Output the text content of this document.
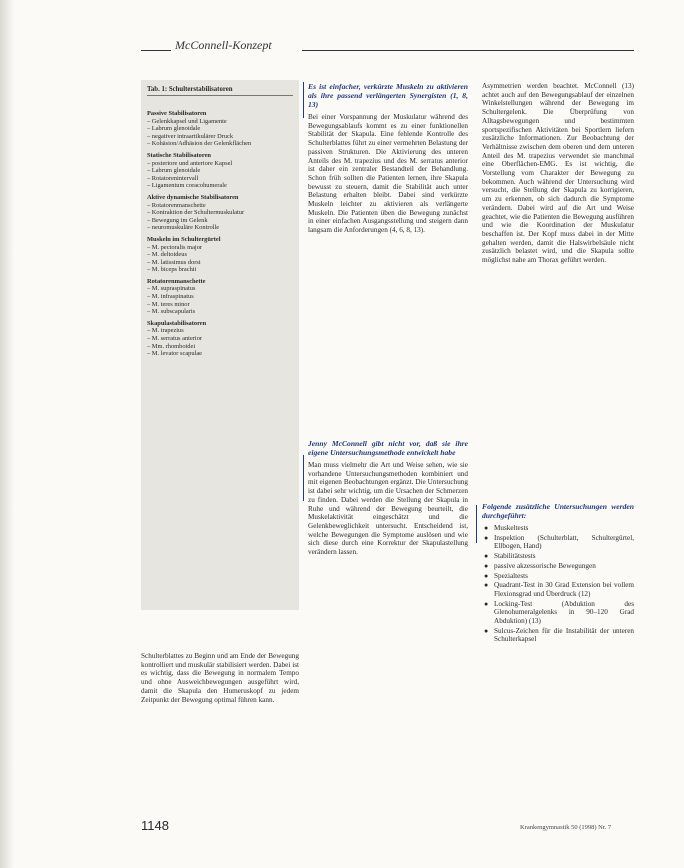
McConnell-Konzept
Tab. 1: Schulterstabilisatoren
Passive Stabilisatoren
– Gelenkkapsel und Ligamente
– Labrum glenoidale
– negativer intraartikulärer Druck
– Kohäsion/Adhäsion der Gelenkflächen
Statische Stabilisatoren
– posteriore und anteriore Kapsel
– Labrum glenoidale
– Rotatorenintervall
– Ligamentum coracohumerale
Aktive dynamische Stabilisatoren
– Rotatorenmanschette
– Kontraktion der Schultermuskulatur
– Bewegung im Gelenk
– neuromuskuläre Kontrolle
Muskeln im Schultergürtel
– M. pectoralis major
– M. deltoideus
– M. latissimus dorsi
– M. biceps brachii
Rotatorenmanschette
– M. supraspinatus
– M. infraspinatus
– M. teres minor
– M. subscapularis
Skapulastabilisatoren
– M. trapezius
– M. serratus anterior
– Mm. rhomboidei
– M. levator scapulae
Schulterblattes zu Beginn und am Ende der Bewegung kontrolliert und muskulär stabilisiert werden. Dabei ist es wichtig, dass die Bewegung in normalem Tempo und ohne Ausweichbewegungen ausgeführt wird, damit die Skapula den Humeruskopf zu jedem Zeitpunkt der Bewegung optimal führen kann.

Es ist einfacher, verkürzte Muskeln zu aktivieren als ihre passend verlängerten Synergisten (1, 8, 13)

Bei einer Vorspannung der Muskulatur während des Bewegungsablaufs kommt es zu einer funktionellen Stabilität der Skapula. Eine fehlende Kontrolle des Schulterblattes führt zu einer vermehrten Belastung der passiven Strukturen. Die Aktivierung des unteren Anteils des M. trapezius und des M. serratus anterior ist daher ein zentraler Bestandteil der Behandlung. Schon früh sollten die Patienten lernen, ihre Skapula bewusst zu steuern, damit die Stabilität auch unter Belastung erhalten bleibt. Dabei sind verkürzte Muskeln leichter zu aktivieren als verlängerte Muskeln. Die Patienten üben die Bewegung zunächst in einer einfachen Ausgangsstellung und steigern dann langsam die Anforderungen (4, 6, 8, 13).

Jenny McConnell gibt nicht vor, daß sie ihre eigene Untersuchungsmethode entwickelt habe

Man muss vielmehr die Art und Weise sehen, wie sie vorhandene Untersuchungsmethoden kombiniert und mit eigenen Beobachtungen ergänzt. Die Untersuchung ist dabei sehr wichtig, um die Ursachen der Schmerzen zu finden. Dabei werden die Stellung der Skapula in Ruhe und während der Bewegung beurteilt, die Muskelaktivität eingeschätzt und die Gelenkbeweglichkeit untersucht. Entscheidend ist, welche Bewegungen die Symptome auslösen und wie sich diese durch eine Korrektur der Skapulastellung verändern lassen.

Asymmetrien werden beachtet. McConnell (13) achtet auch auf den Bewegungsablauf der einzelnen Winkelstellungen während der Bewegung im Schultergelenk. Die Überprüfung von Alltagsbewegungen und bestimmten sportspezifischen Aktivitäten bei Sportlern liefern zusätzliche Informationen. Zur Beobachtung der Verhältnisse zwischen dem oberen und dem unteren Anteil des M. trapezius verwendet sie manchmal eine Oberflächen-EMG. Es ist wichtig, die Vorstellung vom Charakter der Bewegung zu bekommen. Auch während der Untersuchung wird versucht, die Stellung der Skapula zu korrigieren, um zu erkennen, ob sich dadurch die Symptome verändern. Dabei wird auf die Art und Weise geachtet, wie die Patienten die Bewegung ausführen und wie die Koordination der Muskulatur beschaffen ist. Der Kopf muss dabei in der Mitte gehalten werden, damit die Halswirbelsäule nicht zusätzlich belastet wird, und die Skapula sollte möglichst nahe am Thorax geführt werden.

Folgende zusätzliche Untersuchungen werden durchgeführt:

● Muskeltests
● Inspektion (Schulterblatt, Schultergürtel, Ellbogen, Hand)
● Stabilitätstests
● passive akzessorische Bewegungen
● Spezialtests
● Quadrant-Test in 30 Grad Extension bei vollem Flexionsgrad und Überdruck (12)
● Locking-Test (Abduktion des Glenohumeralgelenks in 90–120 Grad Abduktion) (13)
● Sulcus-Zeichen für die Instabilität der unteren Schulterkapsel
1148	Krankengymnastik 50 (1998) Nr. 7
